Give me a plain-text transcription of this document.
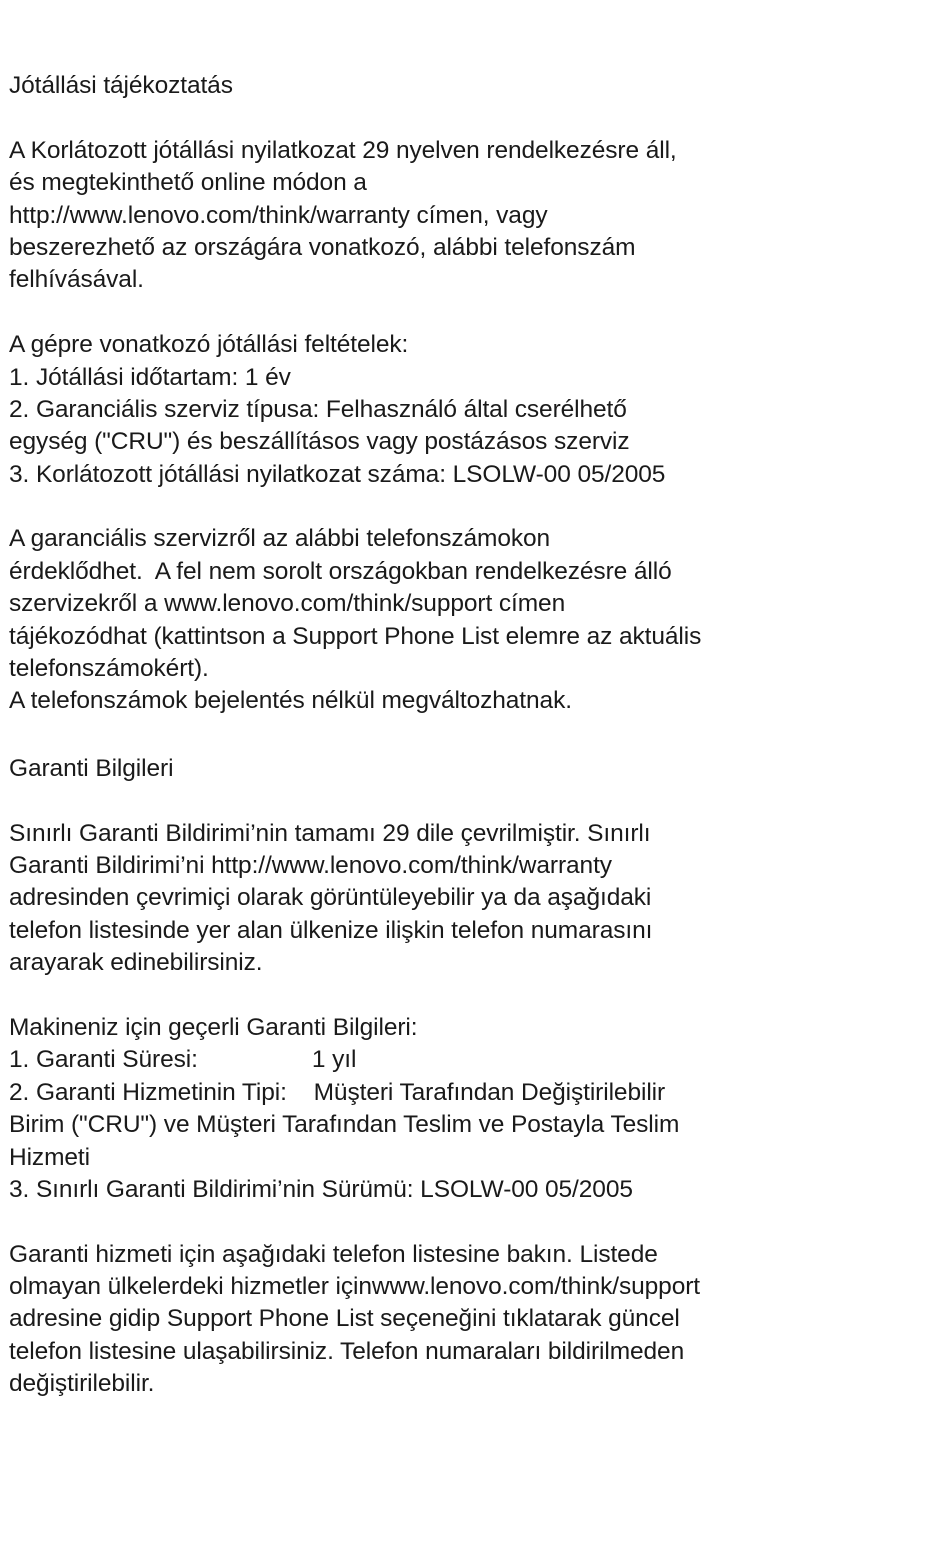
Jótállási tájékoztatás
A Korlátozott jótállási nyilatkozat 29 nyelven rendelkezésre áll,
és megtekinthető online módon a
http://www.lenovo.com/think/warranty címen, vagy
beszerezhető az országára vonatkozó, alábbi telefonszám
felhívásával.
A gépre vonatkozó jótállási feltételek:
1. Jótállási időtartam: 1 év
2. Garanciális szerviz típusa: Felhasználó által cserélhető
egység ("CRU") és beszállításos vagy postázásos szerviz
3. Korlátozott jótállási nyilatkozat száma: LSOLW-00 05/2005
A garanciális szervizről az alábbi telefonszámokon
érdeklődhet.  A fel nem sorolt országokban rendelkezésre álló
szervizekről a www.lenovo.com/think/support címen
tájékozódhat (kattintson a Support Phone List elemre az aktuális
telefonszámokért).
A telefonszámok bejelentés nélkül megváltozhatnak.
Garanti Bilgileri
Sınırlı Garanti Bildirimi’nin tamamı 29 dile çevrilmiştir. Sınırlı
Garanti Bildirimi’ni http://www.lenovo.com/think/warranty
adresinden çevrimiçi olarak görüntüleyebilir ya da aşağıdaki
telefon listesinde yer alan ülkenize ilişkin telefon numarasını
arayarak edinebilirsiniz.
Makineniz için geçerli Garanti Bilgileri:
1. Garanti Süresi:                 1 yıl
2. Garanti Hizmetinin Tipi:    Müşteri Tarafından Değiştirilebilir
Birim ("CRU") ve Müşteri Tarafından Teslim ve Postayla Teslim
Hizmeti
3. Sınırlı Garanti Bildirimi’nin Sürümü: LSOLW-00 05/2005
Garanti hizmeti için aşağıdaki telefon listesine bakın. Listede
olmayan ülkelerdeki hizmetler içinwww.lenovo.com/think/support
adresine gidip Support Phone List seçeneğini tıklatarak güncel
telefon listesine ulaşabilirsiniz. Telefon numaraları bildirilmeden
değiştirilebilir.
